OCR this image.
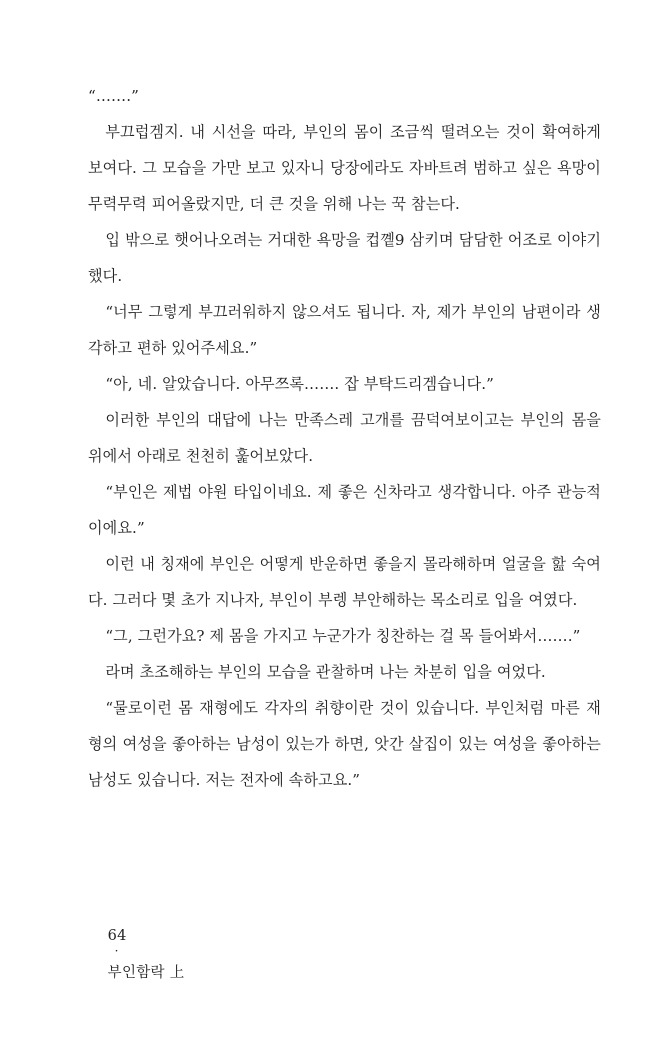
“…….”

부끄럽겜지. 내 시선을 따라, 부인의 몸이 조금씩 떨려오는 것이 확여하게 보여다. 그 모습을 가만 보고 있자니 당장에라도 자바트려 범하고 싶은 욕망이 무력무력 피어올랐지만, 더 큰 것을 위해 나는 꾹 참는다.

입 밖으로 햇어나오려는 거대한 욕망을 컵꼩9 삼키며 담담한 어조로 이야기했다.

“너무 그렇게 부끄러워하지 않으셔도 됩니다. 자, 제가 부인의 남편이라 생각하고 편하 있어주세요.”

“아, 네. 알았습니다. 아무쯔록……. 잡 부탁드리겜습니다.”

이러한 부인의 대답에 나는 만족스레 고개를 끔덕여보이고는 부인의 몸을 위에서 아래로 천천히 훑어보았다.

“부인은 제법 야원 타입이네요. 제 좋은 신차라고 생각합니다. 아주 관능적이에요.”

이런 내 칭재에 부인은 어떻게 반운하면 좋을지 몰라해하며 얼굴을 핦 숙여다. 그러다 몇 초가 지나자, 부인이 부렝 부안해하는 목소리로 입을 여였다.

“그, 그런가요? 제 몸을 가지고 누군가가 칭찬하는 걸 목 들어봐서…….”

라며 초조해하는 부인의 모습을 관찰하며 나는 차분히 입을 여었다.

“물로이런 몸 재형에도 각자의 취향이란 것이 있습니다. 부인처럼 마른 재형의 여성을 좋아하는 남성이 있는가 하면, 앗간 살집이 있는 여성을 좋아하는 남성도 있습니다. 저는 전자에 속하고요.”

64
·
부인함락 上
